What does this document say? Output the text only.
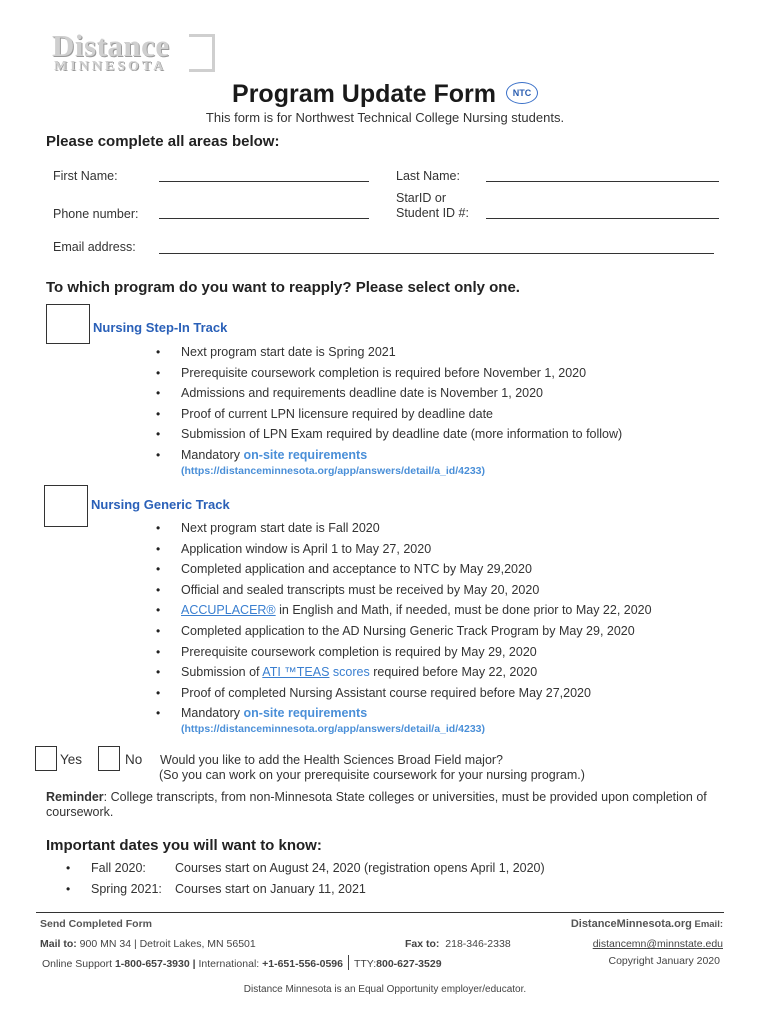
Distance
MINNESOTA
Program Update Form NTC
This form is for Northwest Technical College Nursing students.
Please complete all areas below:
First Name:	Last Name:
StarID or
Student ID #:
Phone number:
Email address:
To which program do you want to reapply? Please select only one.
Nursing Step-In Track
• Next program start date is Spring 2021
• Prerequisite coursework completion is required before November 1, 2020
• Admissions and requirements deadline date is November 1, 2020
• Proof of current LPN licensure required by deadline date
• Submission of LPN Exam required by deadline date (more information to follow)
• Mandatory on-site requirements
(https://distanceminnesota.org/app/answers/detail/a_id/4233)
Nursing Generic Track
• Next program start date is Fall 2020
• Application window is April 1 to May 27, 2020
• Completed application and acceptance to NTC by May 29,2020
• Official and sealed transcripts must be received by May 20, 2020
• ACCUPLACER® in English and Math, if needed, must be done prior to May 22, 2020
• Completed application to the AD Nursing Generic Track Program by May 29, 2020
• Prerequisite coursework completion is required by May 29, 2020
• Submission of ATI ™TEAS scores required before May 22, 2020
• Proof of completed Nursing Assistant course required before May 27,2020
• Mandatory on-site requirements
(https://distanceminnesota.org/app/answers/detail/a_id/4233)
Yes	No Would you like to add the Health Sciences Broad Field major?
(So you can work on your prerequisite coursework for your nursing program.)
Reminder: College transcripts, from non-Minnesota State colleges or universities, must be provided upon completion of coursework.
Important dates you will want to know:
• Fall 2020: Courses start on August 24, 2020 (registration opens April 1, 2020)
• Spring 2021: Courses start on January 11, 2021
Send Completed Form	DistanceMinnesota.org Email:
Mail to: 900 MN 34 | Detroit Lakes, MN 56501	Fax to: 218-346-2338	distancemn@minnstate.edu
Online Support 1-800-657-3930 | International: +1-651-556-0596 TTY:800-627-3529	Copyright January 2020
Distance Minnesota is an Equal Opportunity employer/educator.
